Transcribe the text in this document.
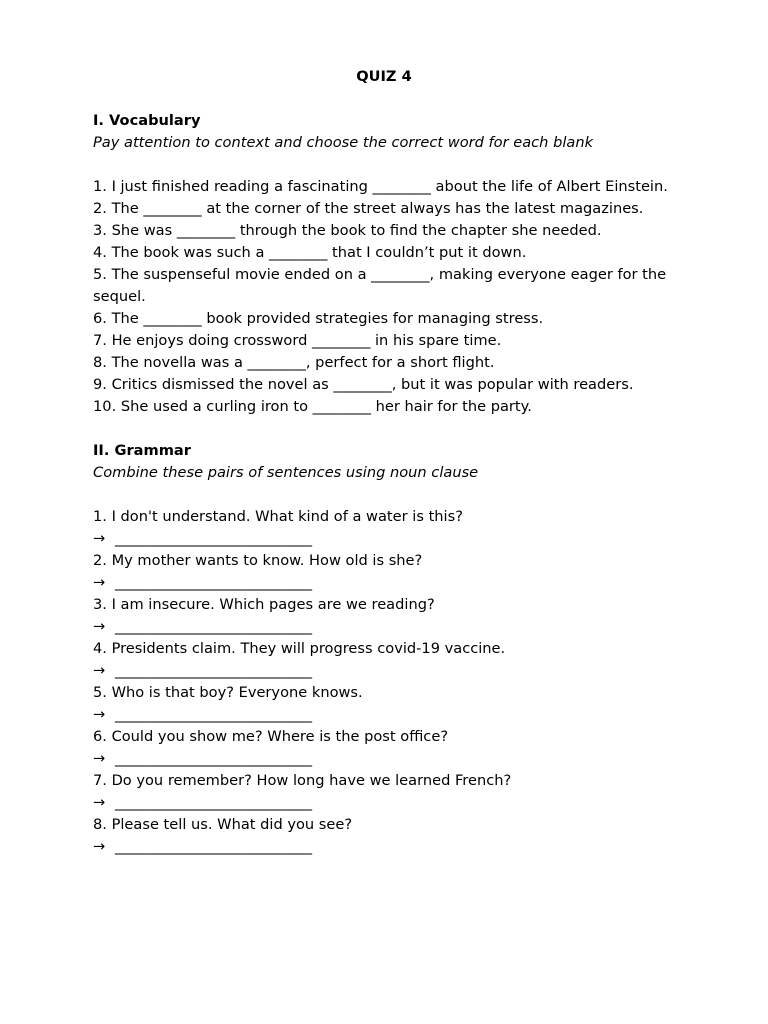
QUIZ 4
I. Vocabulary
Pay attention to context and choose the correct word for each blank
1. I just finished reading a fascinating ________ about the life of Albert Einstein.
2. The ________ at the corner of the street always has the latest magazines.
3. She was ________ through the book to find the chapter she needed.
4. The book was such a ________ that I couldn’t put it down.
5. The suspenseful movie ended on a ________, making everyone eager for the sequel.
6. The ________ book provided strategies for managing stress.
7. He enjoys doing crossword ________ in his spare time.
8. The novella was a ________, perfect for a short flight.
9. Critics dismissed the novel as ________, but it was popular with readers.
10. She used a curling iron to ________ her hair for the party.
II. Grammar
Combine these pairs of sentences using noun clause
1. I don't understand. What kind of a water is this?
→ ___________________________
2. My mother wants to know. How old is she?
→ ___________________________
3. I am insecure. Which pages are we reading?
→ ___________________________
4. Presidents claim. They will progress covid-19 vaccine.
→ ___________________________
5. Who is that boy? Everyone knows.
→ ___________________________
6. Could you show me? Where is the post office?
→ ___________________________
7. Do you remember? How long have we learned French?
→ ___________________________
8. Please tell us. What did you see?
→ ___________________________
